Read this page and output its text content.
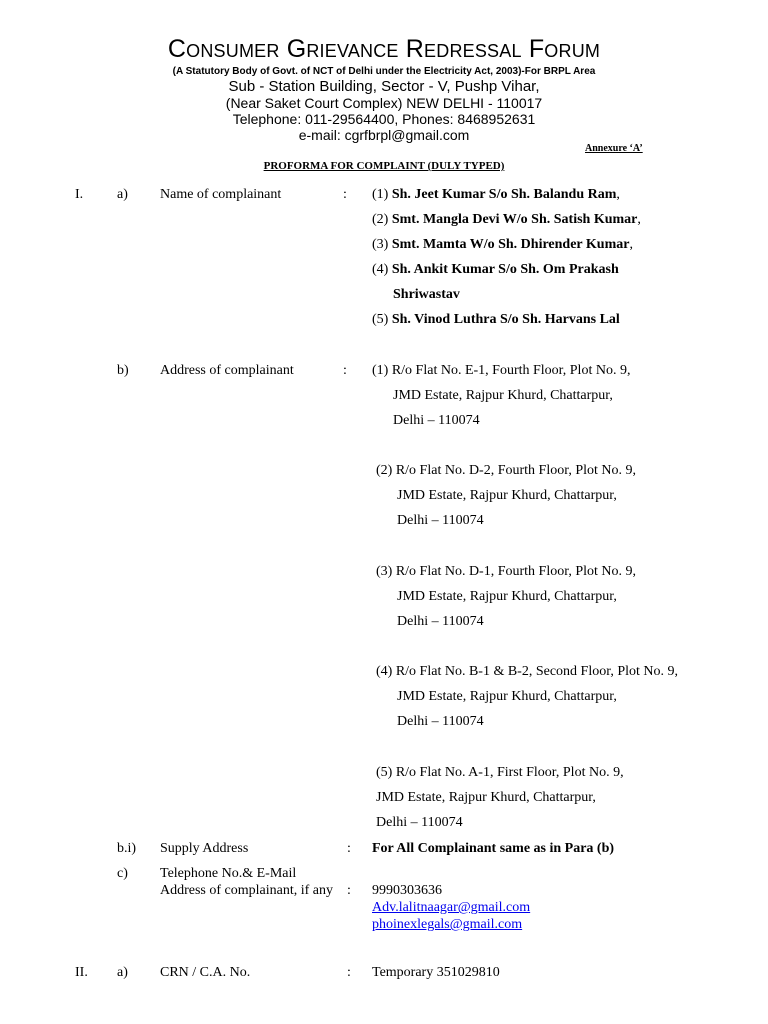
Consumer Grievance Redressal Forum
(A Statutory Body of Govt. of NCT of Delhi under the Electricity Act, 2003)-For BRPL Area
Sub - Station Building, Sector - V, Pushp Vihar,
(Near Saket Court Complex) NEW DELHI - 110017
Telephone: 011-29564400, Phones: 8468952631
e-mail: cgrfbrpl@gmail.com
Annexure ‘A’
PROFORMA FOR COMPLAINT (DULY TYPED)
I. a) Name of complainant	: (1) Sh. Jeet Kumar S/o Sh. Balandu Ram,
(2) Smt. Mangla Devi W/o Sh. Satish Kumar,
(3) Smt. Mamta W/o Sh. Dhirender Kumar,
(4) Sh. Ankit Kumar S/o Sh. Om Prakash
Shriwastav
(5) Sh. Vinod Luthra S/o Sh. Harvans Lal
b) Address of complainant	: (1) R/o Flat No. E-1, Fourth Floor, Plot No. 9,
JMD Estate, Rajpur Khurd, Chattarpur,
Delhi – 110074
(2) R/o Flat No. D-2, Fourth Floor, Plot No. 9,
JMD Estate, Rajpur Khurd, Chattarpur,
Delhi – 110074
(3) R/o Flat No. D-1, Fourth Floor, Plot No. 9,
JMD Estate, Rajpur Khurd, Chattarpur,
Delhi – 110074
(4) R/o Flat No. B-1 & B-2, Second Floor, Plot No. 9,
JMD Estate, Rajpur Khurd, Chattarpur,
Delhi – 110074
(5) R/o Flat No. A-1, First Floor, Plot No. 9,
JMD Estate, Rajpur Khurd, Chattarpur,
Delhi – 110074
b.i) Supply Address	: For All Complainant same as in Para (b)
c) Telephone No.& E-Mail
Address of complainant, if any : 9990303636
Adv.lalitnaagar@gmail.com
phoinexlegals@gmail.com
II. a) CRN / C.A. No.	: Temporary 351029810
